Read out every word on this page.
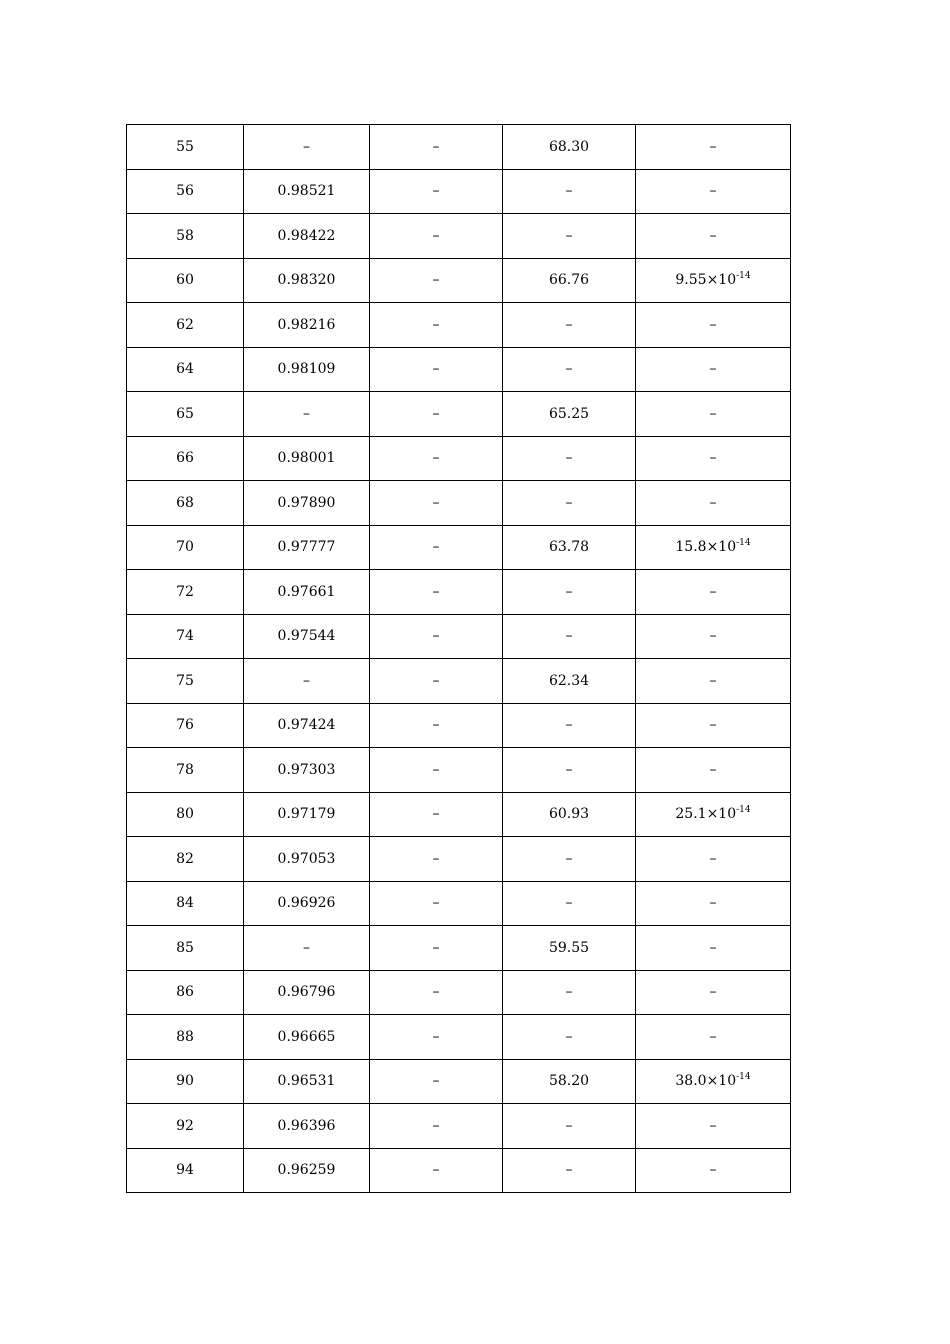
55	–	–	68.30	–
56	0.98521	–	–	–
58	0.98422	–	–	–
60	0.98320	–	66.76	$9.55\times 10^{-14}$
62	0.98216	–	–	–
64	0.98109	–	–	–
65	–	–	65.25	–
66	0.98001	–	–	–
68	0.97890	–	–	–
70	0.97777	–	63.78	$15.8\times 10^{-14}$
72	0.97661	–	–	–
74	0.97544	–	–	–
75	–	–	62.34	–
76	0.97424	–	–	–
78	0.97303	–	–	–
80	0.97179	–	60.93	$25.1\times 10^{-14}$
82	0.97053	–	–	–
84	0.96926	–	–	–
85	–	–	59.55	–
86	0.96796	–	–	–
88	0.96665	–	–	–
90	0.96531	–	58.20	$38.0\times 10^{-14}$
92	0.96396	–	–	–
94	0.96259	–	–	–
